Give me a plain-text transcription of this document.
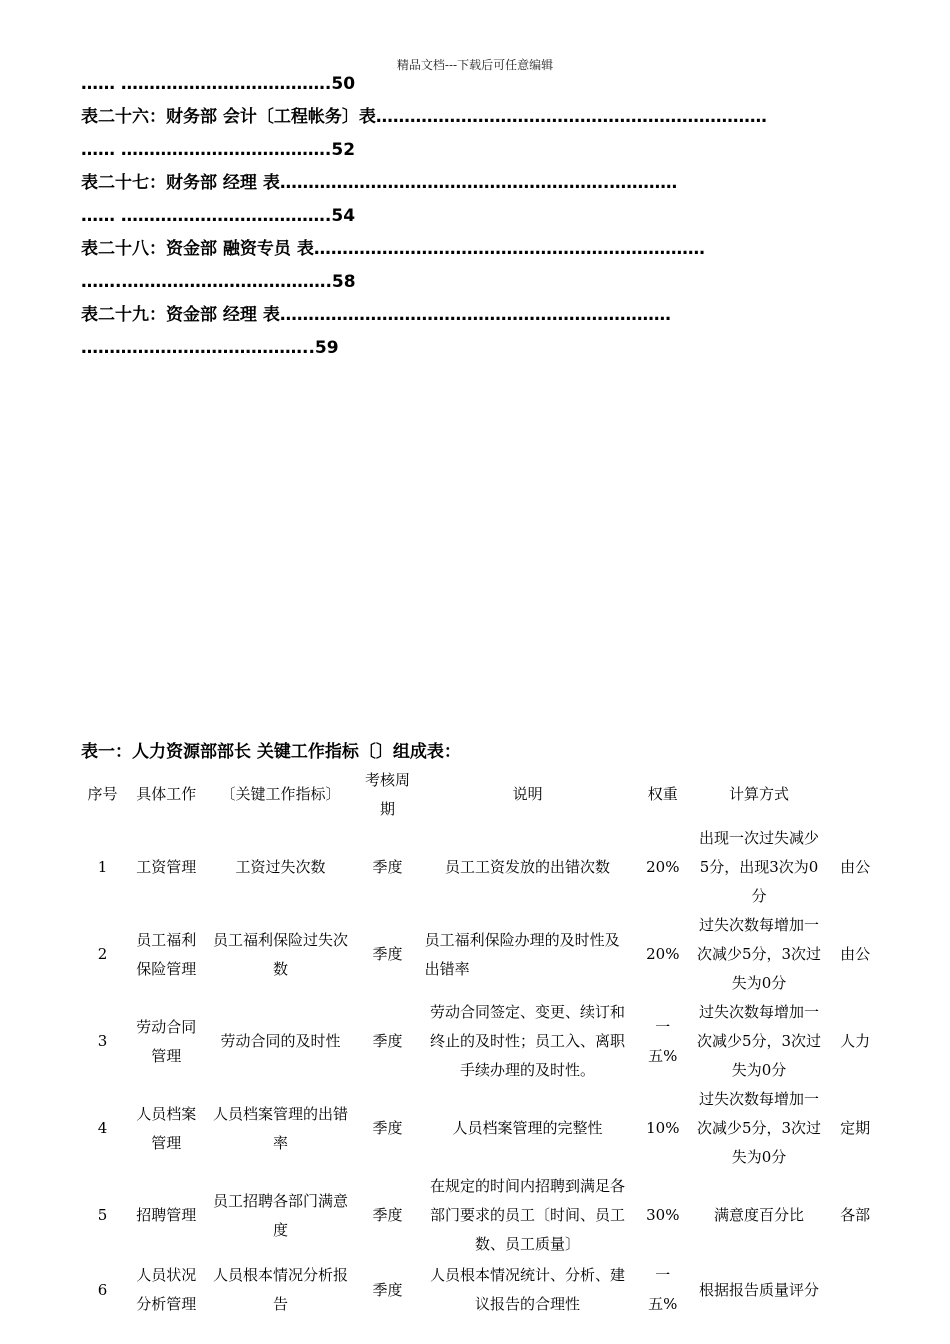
精品文档---下载后可任意编辑
…… ……………………………….50
表二十六：财务部 会计〔工程帐务〕表……………………………………………………………
…… ……………………………….52
表二十七：财务部 经理 表………………………………………………….…………
…… ……………………………….54
表二十八：资金部 融资专员 表……………………………………………………………
…….……………………………….58
表二十九：资金部 经理 表……………………………………………………………
…………………………………..59
表一：人力资源部部长 关键工作指标〔〕组成表：
序号	具体工作	〔关键工作指标〕	考核周期	说明	权重	计算方式	
1	工资管理	工资过失次数	季度	员工工资发放的出错次数	20%	出现一次过失减少5分，出现3次为0分	由公
2	员工福利保险管理	员工福利保险过失次数	季度	员工福利保险办理的及时性及出错率	20%	过失次数每增加一次减少5分，3次过失为0分	由公
3	劳动合同管理	劳动合同的及时性	季度	劳动合同签定、变更、续订和终止的及时性；员工入、离职手续办理的及时性。	一五%	过失次数每增加一次减少5分，3次过失为0分	人力
4	人员档案管理	人员档案管理的出错率	季度	人员档案管理的完整性	10%	过失次数每增加一次减少5分，3次过失为0分	定期
5	招聘管理	员工招聘各部门满意度	季度	在规定的时间内招聘到满足各部门要求的员工〔时间、员工数、员工质量〕	30%	满意度百分比	各部
6	人员状况分析管理	人员根本情况分析报告	季度	人员根本情况统计、分析、建议报告的合理性	一五%	根据报告质量评分	
